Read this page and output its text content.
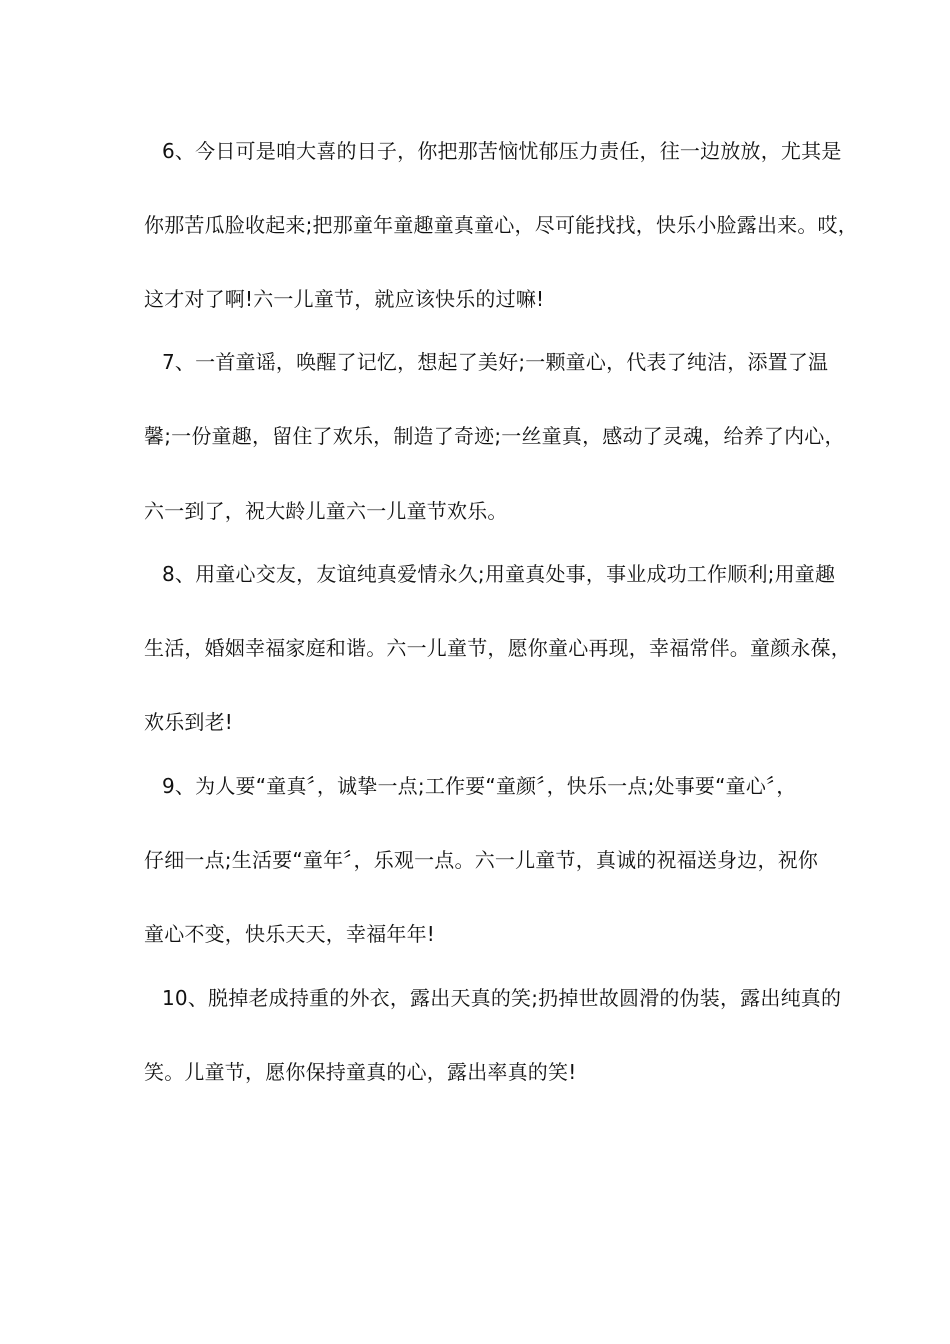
6、今日可是咱大喜的日子，你把那苦恼忧郁压力责任，往一边放放，尤其是
你那苦瓜脸收起来;把那童年童趣童真童心，尽可能找找，快乐小脸露出来。哎，
这才对了啊!六一儿童节，就应该快乐的过嘛!
7、一首童谣，唤醒了记忆，想起了美好;一颗童心，代表了纯洁，添置了温
馨;一份童趣，留住了欢乐，制造了奇迹;一丝童真，感动了灵魂，给养了内心，
六一到了，祝大龄儿童六一儿童节欢乐。
8、用童心交友，友谊纯真爱情永久;用童真处事，事业成功工作顺利;用童趣
生活，婚姻幸福家庭和谐。六一儿童节，愿你童心再现，幸福常伴。童颜永葆，
欢乐到老!
9、为人要“童真〞，诚挚一点;工作要“童颜〞，快乐一点;处事要“童心〞，
仔细一点;生活要“童年〞，乐观一点。六一儿童节，真诚的祝福送身边，祝你
童心不变，快乐天天，幸福年年!
10、脱掉老成持重的外衣，露出天真的笑;扔掉世故圆滑的伪装，露出纯真的
笑。儿童节，愿你保持童真的心，露出率真的笑!
